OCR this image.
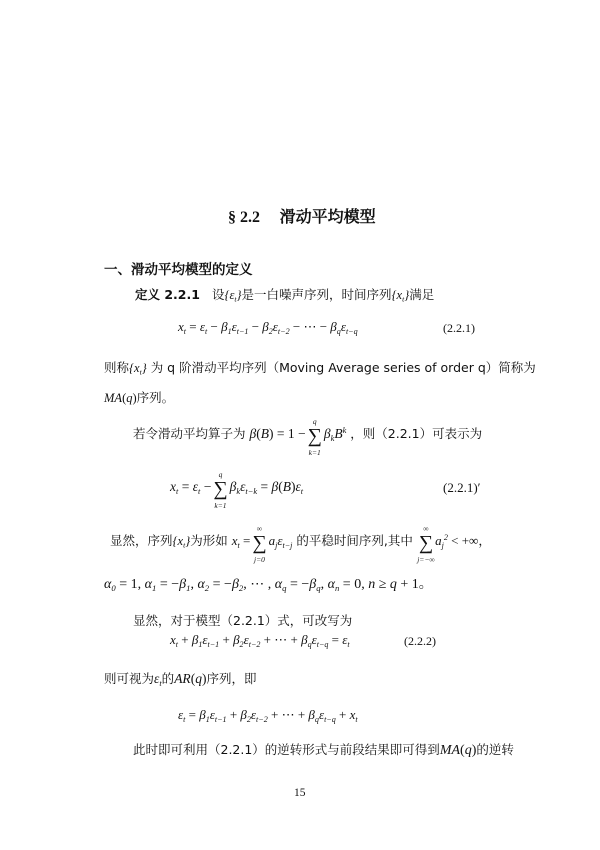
§ 2.2 滑动平均模型
一、滑动平均模型的定义
定义 2.2.1 设$\{\varepsilon_t\}$是一白噪声序列，时间序列$\{x_t\}$满足
$x_t = \varepsilon_t - \beta_1\varepsilon_{t-1} - \beta_2\varepsilon_{t-2}$ − ⋯ − $\beta_q\varepsilon_{t-q}$	(2.2.1)
则称$\{x_t\}$ 为 q 阶滑动平均序列（Moving Average series of order q）简称为
MA(q)序列。
若令滑动平均算子为 β(B) = 1 − ∑
q
k=1
$\beta_kB^k$ ，则（2.2.1）可表示为
$x_t = \varepsilon_t$ − ∑
q
k=1
$\beta_k\varepsilon_{t-k} = \beta(B)\varepsilon_t$	(2.2.1)′
显然，序列$\{x_t\}$为形如 $x_t$ = ∑
∞
j=0
$a_j\varepsilon_{t-j}$ 的平稳时间序列,其中 ∑
∞
j=−∞
$a_j^2$ < +∞，
$\alpha_0 = 1$, $\alpha_1 = -\beta_1$, $\alpha_2 = -\beta_2$, ⋯ , $\alpha_q = -\beta_q$, $\alpha_n = 0$, n ≥ q + 1。
显然，对于模型（2.2.1）式，可改写为
$x_t + \beta_1\varepsilon_{t-1} + \beta_2\varepsilon_{t-2}$ + ⋯ + $\beta_q\varepsilon_{t-q} = \varepsilon_t$	(2.2.2)
则可视为$\varepsilon_t$的AR(q)序列，即
$\varepsilon_t = \beta_1\varepsilon_{t-1} + \beta_2\varepsilon_{t-2}$ + ⋯ + $\beta_q\varepsilon_{t-q} + x_t$
此时即可利用（2.2.1）的逆转形式与前段结果即可得到MA(q)的逆转
15
